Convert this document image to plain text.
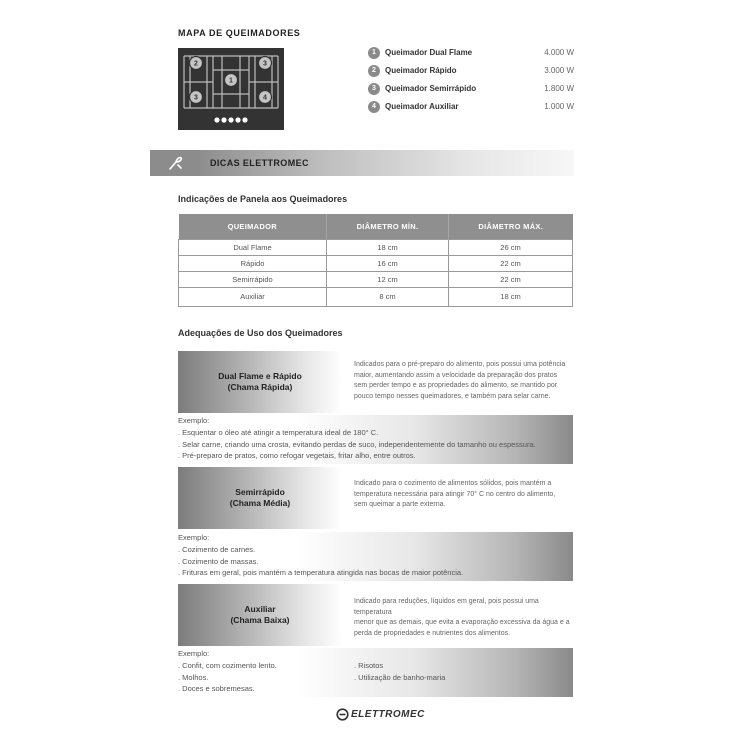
MAPA DE QUEIMADORES
1
2	3
3	4
1	Queimador Dual Flame	4.000 W
2	Queimador Rápido	3.000 W
3	Queimador Semirrápido	1.800 W
4	Queimador Auxiliar	1.000 W
DICAS ELETTROMEC
Indicações de Panela aos Queimadores
QUEIMADOR	DIÂMETRO MÍN.	DIÂMETRO MÁX.
Dual Flame	18 cm	26 cm
Rápido	16 cm	22 cm
Semirrápido	12 cm	22 cm
Auxiliar	8 cm	18 cm
Adequações de Uso dos Queimadores
Dual Flame e Rápido
(Chama Rápida)
Indicados para o pré-preparo do alimento, pois possui uma potência
maior, aumentando assim a velocidade da preparação dos pratos
sem perder tempo e as propriedades do alimento, se mantido por
pouco tempo nesses queimadores, e também para selar carne.
Exemplo:
. Esquentar o óleo até atingir a temperatura ideal de 180° C.
. Selar carne, criando uma crosta, evitando perdas de suco, independentemente do tamanho ou espessura.
. Pré-preparo de pratos, como refogar vegetais, fritar alho, entre outros.
Semirrápido
(Chama Média)
Indicado para o cozimento de alimentos sólidos, pois mantém a
temperatura necessária para atingir 70° C no centro do alimento,
sem queimar a parte externa.
Exemplo:
. Cozimento de carnes.
. Cozimento de massas.
. Frituras em geral, pois mantém a temperatura atingida nas bocas de maior potência.
Auxiliar
(Chama Baixa)
Indicado para reduções, líquidos em geral, pois possui uma temperatura
menor que as demais, que evita a evaporação excessiva da água e a
perda de propriedades e nutrientes dos alimentos.
Exemplo:
. Confit, com cozimento lento.
. Molhos.
. Doces e sobremesas.
. Risotos
. Utilização de banho-maria
ELETTROMEC
